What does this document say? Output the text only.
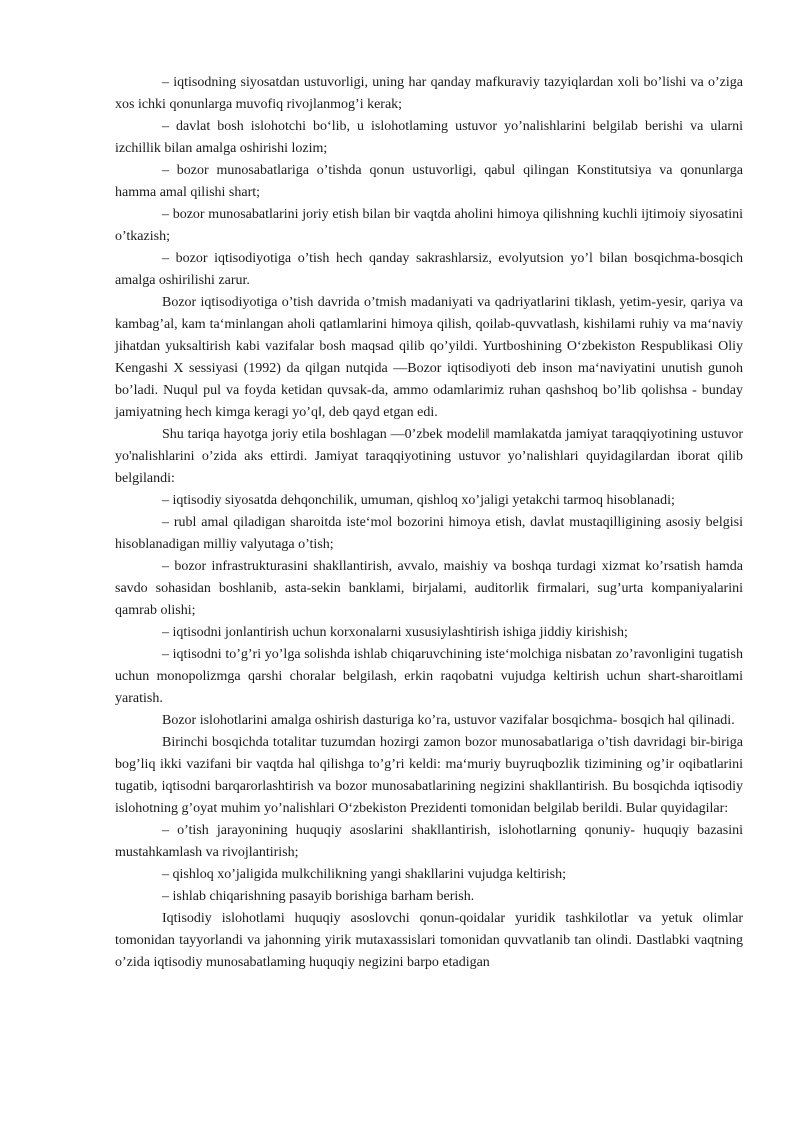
– iqtisodning siyosatdan ustuvorligi, uning har qanday mafkuraviy tazyiqlardan xoli bo’lishi va o’ziga xos ichki qonunlarga muvofiq rivojlanmog’i kerak;

– davlat bosh islohotchi bo‘lib, u islohotlaming ustuvor yo’nalishlarini belgilab berishi va ularni izchillik bilan amalga oshirishi lozim;

– bozor munosabatlariga o’tishda qonun ustuvorligi, qabul qilingan Konstitutsiya va qonunlarga hamma amal qilishi shart;

– bozor munosabatlarini joriy etish bilan bir vaqtda aholini himoya qilishning kuchli ijtimoiy siyosatini o’tkazish;

– bozor iqtisodiyotiga o’tish hech qanday sakrashlarsiz, evolyutsion yo’l bilan bosqichma-bosqich amalga oshirilishi zarur.

Bozor iqtisodiyotiga o’tish davrida o’tmish madaniyati va qadriyatlarini tiklash, yetim-yesir, qariya va kambag’al, kam ta‘minlangan aholi qatlamlarini himoya qilish, qoilab-quvvatlash, kishilami ruhiy va ma‘naviy jihatdan yuksaltirish kabi vazifalar bosh maqsad qilib qo’yildi. Yurtboshining O‘zbekiston Respublikasi Oliy Kengashi X sessiyasi (1992) da qilgan nutqida ―Bozor iqtisodiyoti deb inson ma‘naviyatini unutish gunoh bo’ladi. Nuqul pul va foyda ketidan quvsak-da, ammo odamlarimiz ruhan qashshoq bo’lib qolishsa - bunday jamiyatning hech kimga keragi yo’q‖, deb qayd etgan edi.

Shu tariqa hayotga joriy etila boshlagan ―0’zbek modeli‖ mamlakatda jamiyat taraqqiyotining ustuvor yo'nalishlarini o’zida aks ettirdi. Jamiyat taraqqiyotining ustuvor yo’nalishlari quyidagilardan iborat qilib belgilandi:

– iqtisodiy siyosatda dehqonchilik, umuman, qishloq xo’jaligi yetakchi tarmoq hisoblanadi;

– rubl amal qiladigan sharoitda iste‘mol bozorini himoya etish, davlat mustaqilligining asosiy belgisi hisoblanadigan milliy valyutaga o’tish;

– bozor infrastrukturasini shakllantirish, avvalo, maishiy va boshqa turdagi xizmat ko’rsatish hamda savdo sohasidan boshlanib, asta-sekin banklami, birjalami, auditorlik firmalari, sug’urta kompaniyalarini qamrab olishi;

– iqtisodni jonlantirish uchun korxonalarni xususiylashtirish ishiga jiddiy kirishish;

– iqtisodni to’g’ri yo’lga solishda ishlab chiqaruvchining iste‘molchiga nisbatan zo’ravonligini tugatish uchun monopolizmga qarshi choralar belgilash, erkin raqobatni vujudga keltirish uchun shart-sharoitlami yaratish.

Bozor islohotlarini amalga oshirish dasturiga ko’ra, ustuvor vazifalar bosqichma- bosqich hal qilinadi.

Birinchi bosqichda totalitar tuzumdan hozirgi zamon bozor munosabatlariga o’tish davridagi bir-biriga bog’liq ikki vazifani bir vaqtda hal qilishga to’g’ri keldi: ma‘muriy buyruqbozlik tizimining og’ir oqibatlarini tugatib, iqtisodni barqarorlashtirish va bozor munosabatlarining negizini shakllantirish. Bu bosqichda iqtisodiy islohotning g’oyat muhim yo’nalishlari O‘zbekiston Prezidenti tomonidan belgilab berildi. Bular quyidagilar:

– o’tish jarayonining huquqiy asoslarini shakllantirish, islohotlarning qonuniy- huquqiy bazasini mustahkamlash va rivojlantirish;

– qishloq xo’jaligida mulkchilikning yangi shakllarini vujudga keltirish;

– ishlab chiqarishning pasayib borishiga barham berish.

Iqtisodiy islohotlami huquqiy asoslovchi qonun-qoidalar yuridik tashkilotlar va yetuk olimlar tomonidan tayyorlandi va jahonning yirik mutaxassislari tomonidan quvvatlanib tan olindi. Dastlabki vaqtning o’zida iqtisodiy munosabatlaming huquqiy negizini barpo etadigan
